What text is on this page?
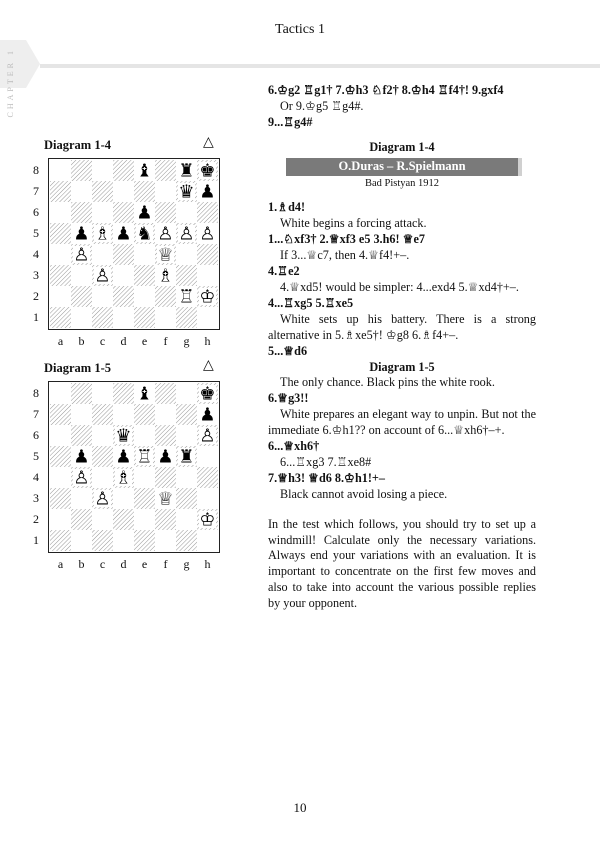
Tactics 1
CHAPTER 1
Diagram 1-4	△
8
7
6
5
4
3
2
1
♝ ♜ ♚
♛ ♟
♟
♟ ♗ ♟ ♞ ♙ ♙ ♙
♙	♕
♙	♗
♖ ♔
a	b	c	d	e	f	g	h
Diagram 1-5	△
8
7
6
5
4
3
2
1
♝	♚
♟
♛	♙
♟ ♟ ♖ ♟ ♜
♙ ♗
♙	♕
♔
a	b	c	d	e	f	g	h

6.♔g2 ♖g1† 7.♔h3 ♘f2† 8.♔h4 ♖f4†! 9.gxf4

Or 9.♔g5 ♖g4#.

9...♖g4#

Diagram 1-4

O.Duras – R.Spielmann

Bad Pistyan 1912

1.♗d4!

White begins a forcing attack.

1...♘xf3† 2.♕xf3 e5 3.h6! ♕e7

If 3...♕c7, then 4.♕f4!+–.

4.♖e2

4.♕xd5! would be simpler: 4...exd4 5.♕xd4†+–.

4...♖xg5 5.♖xe5

White sets up his battery. There is a strong alternative in 5.♗xe5†! ♔g8 6.♗f4+–.

5...♕d6

Diagram 1-5

The only chance. Black pins the white rook.

6.♕g3!!

White prepares an elegant way to unpin. But not the immediate 6.♔h1?? on account of 6...♕xh6†–+.

6...♕xh6†

6...♖xg3 7.♖xe8#

7.♕h3! ♕d6 8.♔h1!+–

Black cannot avoid losing a piece.

In the test which follows, you should try to set up a windmill! Calculate only the necessary variations. Always end your variations with an evaluation. It is important to concentrate on the first few moves and also to take into account the various possible replies by your opponent.

10
